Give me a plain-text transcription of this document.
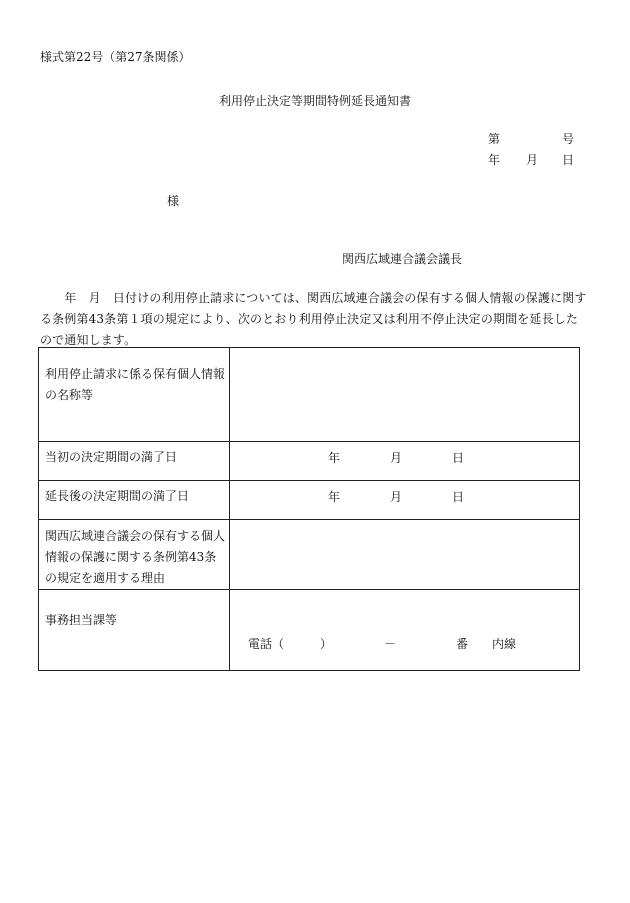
様式第22号（第27条関係）
利用停止決定等期間特例延長通知書
第	号
年 月 日
様
関西広域連合議会議長
　　年　月　日付けの利用停止請求については、関西広域連合議会の保有する個人情報の保護に関する条例第43条第１項の規定により、次のとおり利用停止決定又は利用不停止決定の期間を延長したので通知します。
利用停止請求に係る保有個人情報の名称等	
当初の決定期間の満了日	年 月 日

延長後の決定期間の満了日	年 月 日

関西広域連合議会の保有する個人情報の保護に関する条例第43条の規定を適用する理由	
事務担当課等	電話（ ） － 番 内線
